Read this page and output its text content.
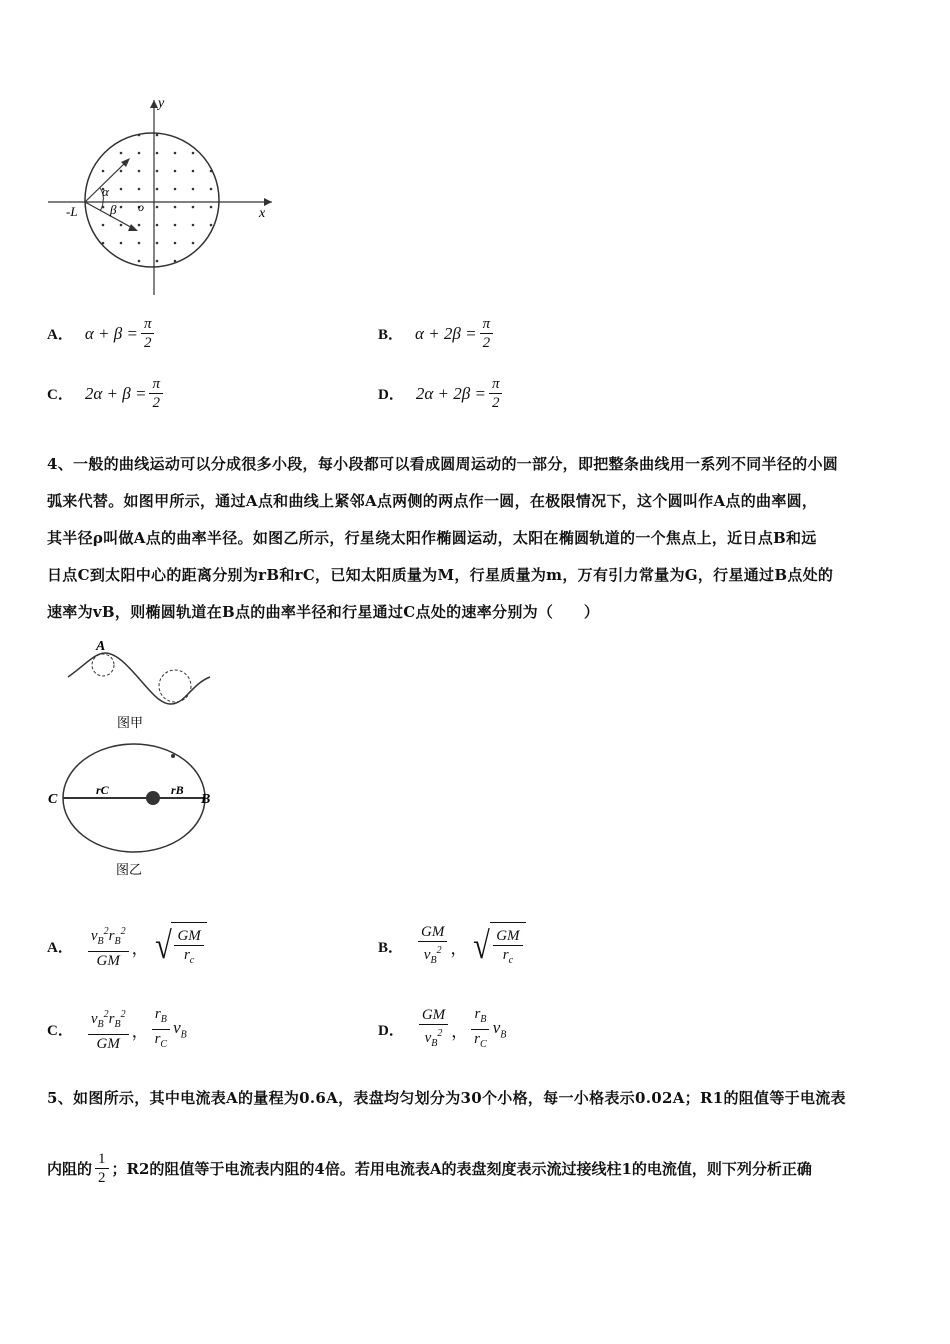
y
x
o
-L
α
β
A． $\alpha + \beta = \frac{\pi}{2}$	B． $\alpha + 2\beta = \frac{\pi}{2}$
C． $2\alpha + \beta = \frac{\pi}{2}$	D． $2\alpha + 2\beta = \frac{\pi}{2}$

4、一般的曲线运动可以分成很多小段，每小段都可以看成圆周运动的一部分，即把整条曲线用一系列不同半径的小圆

弧来代替。如图甲所示，通过A点和曲线上紧邻A点两侧的两点作一圆，在极限情况下，这个圆叫作A点的曲率圆，

其半径ρ叫做A点的曲率半径。如图乙所示，行星绕太阳作椭圆运动，太阳在椭圆轨道的一个焦点上，近日点B和远

日点C到太阳中心的距离分别为rB和rC，已知太阳质量为M，行星质量为m，万有引力常量为G，行星通过B点处的

速率为vB，则椭圆轨道在B点的曲率半径和行星通过C点处的速率分别为（　　）

A
图甲
C	B
rC	rB
图乙
A． $\frac{v_B^2r_B^2}{GM}$ ， √ $\frac{GM}{r_c}$	B． $\frac{GM}{v_B^2}$ ， √ $\frac{GM}{r_c}$
C． $\frac{v_B^2r_B^2}{GM}$ ， $\frac{r_B}{r_C} v_B$	D． $\frac{GM}{v_B^2}$ ， $\frac{r_B}{r_C} v_B$

5、如图所示，其中电流表A的量程为0.6A，表盘均匀划分为30个小格，每一小格表示0.02A；R1的阻值等于电流表

内阻的 $\frac{1}{2}$ ；R2的阻值等于电流表内阻的4倍。若用电流表A的表盘刻度表示流过接线柱1的电流值，则下列分析正确
